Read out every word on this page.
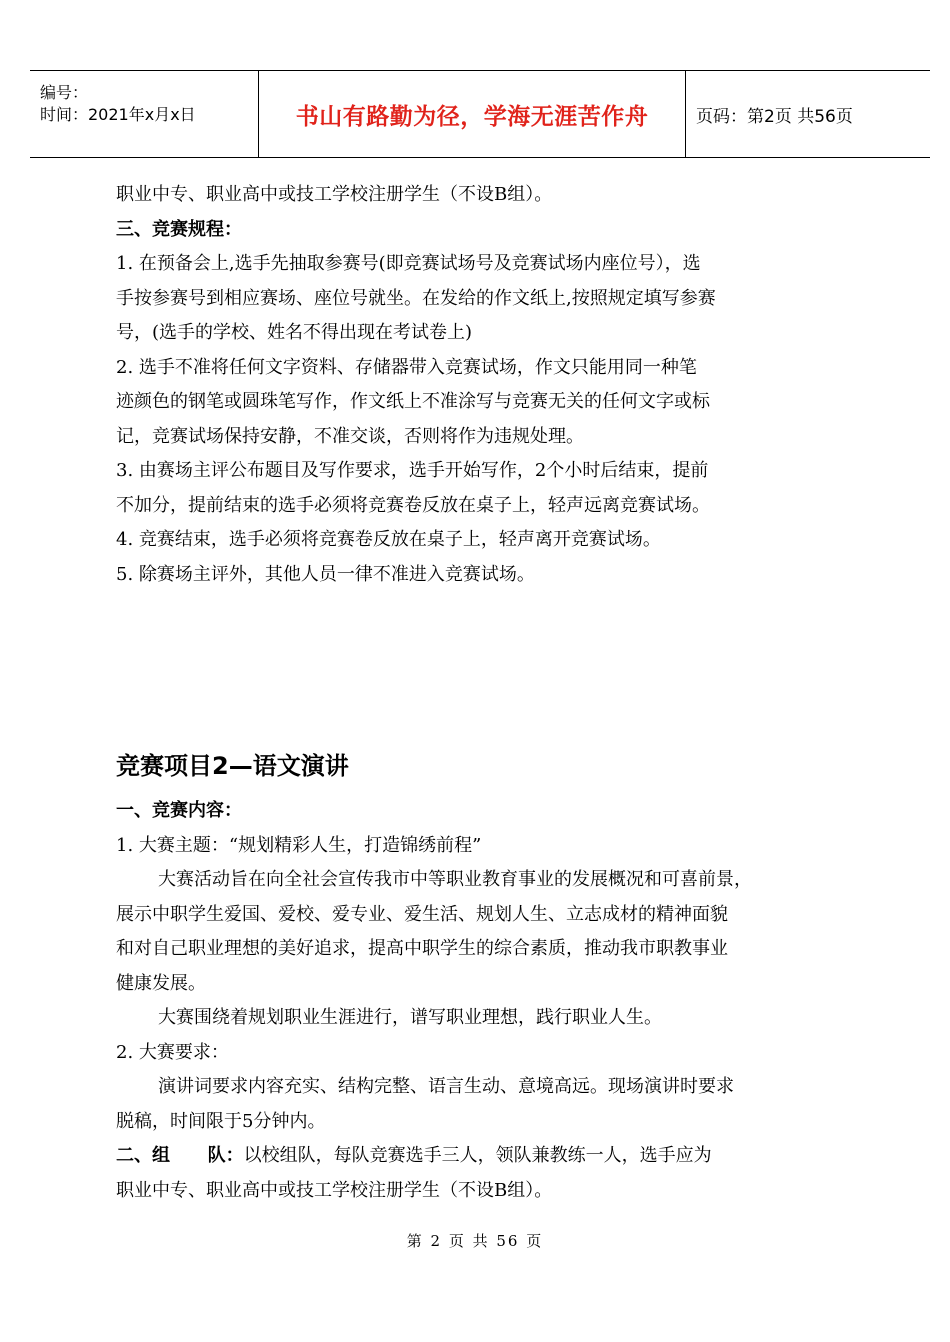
编号：
时间：2021年x月x日	书山有路勤为径，学海无涯苦作舟	页码：第2页 共56页
职业中专、职业高中或技工学校注册学生（不设B组）。
三、竞赛规程：
1. 在预备会上,选手先抽取参赛号(即竞赛试场号及竞赛试场内座位号），选
手按参赛号到相应赛场、座位号就坐。在发给的作文纸上,按照规定填写参赛
号，(选手的学校、姓名不得出现在考试卷上)
2. 选手不准将任何文字资料、存储器带入竞赛试场，作文只能用同一种笔
迹颜色的钢笔或圆珠笔写作，作文纸上不准涂写与竞赛无关的任何文字或标
记，竞赛试场保持安静，不准交谈，否则将作为违规处理。
3. 由赛场主评公布题目及写作要求，选手开始写作，2个小时后结束，提前
不加分，提前结束的选手必须将竞赛卷反放在桌子上，轻声远离竞赛试场。
4. 竞赛结束，选手必须将竞赛卷反放在桌子上，轻声离开竞赛试场。
5. 除赛场主评外，其他人员一律不准进入竞赛试场。
竞赛项目2—语文演讲
一、竞赛内容：
1. 大赛主题：“规划精彩人生，打造锦绣前程”
大赛活动旨在向全社会宣传我市中等职业教育事业的发展概况和可喜前景，
展示中职学生爱国、爱校、爱专业、爱生活、规划人生、立志成材的精神面貌
和对自己职业理想的美好追求，提高中职学生的综合素质，推动我市职教事业
健康发展。
大赛围绕着规划职业生涯进行，谱写职业理想，践行职业人生。
2. 大赛要求：
演讲词要求内容充实、结构完整、语言生动、意境高远。现场演讲时要求
脱稿，时间限于5分钟内。
二、组      队：以校组队，每队竞赛选手三人，领队兼教练一人，选手应为
职业中专、职业高中或技工学校注册学生（不设B组）。
第 2 页 共 56 页
